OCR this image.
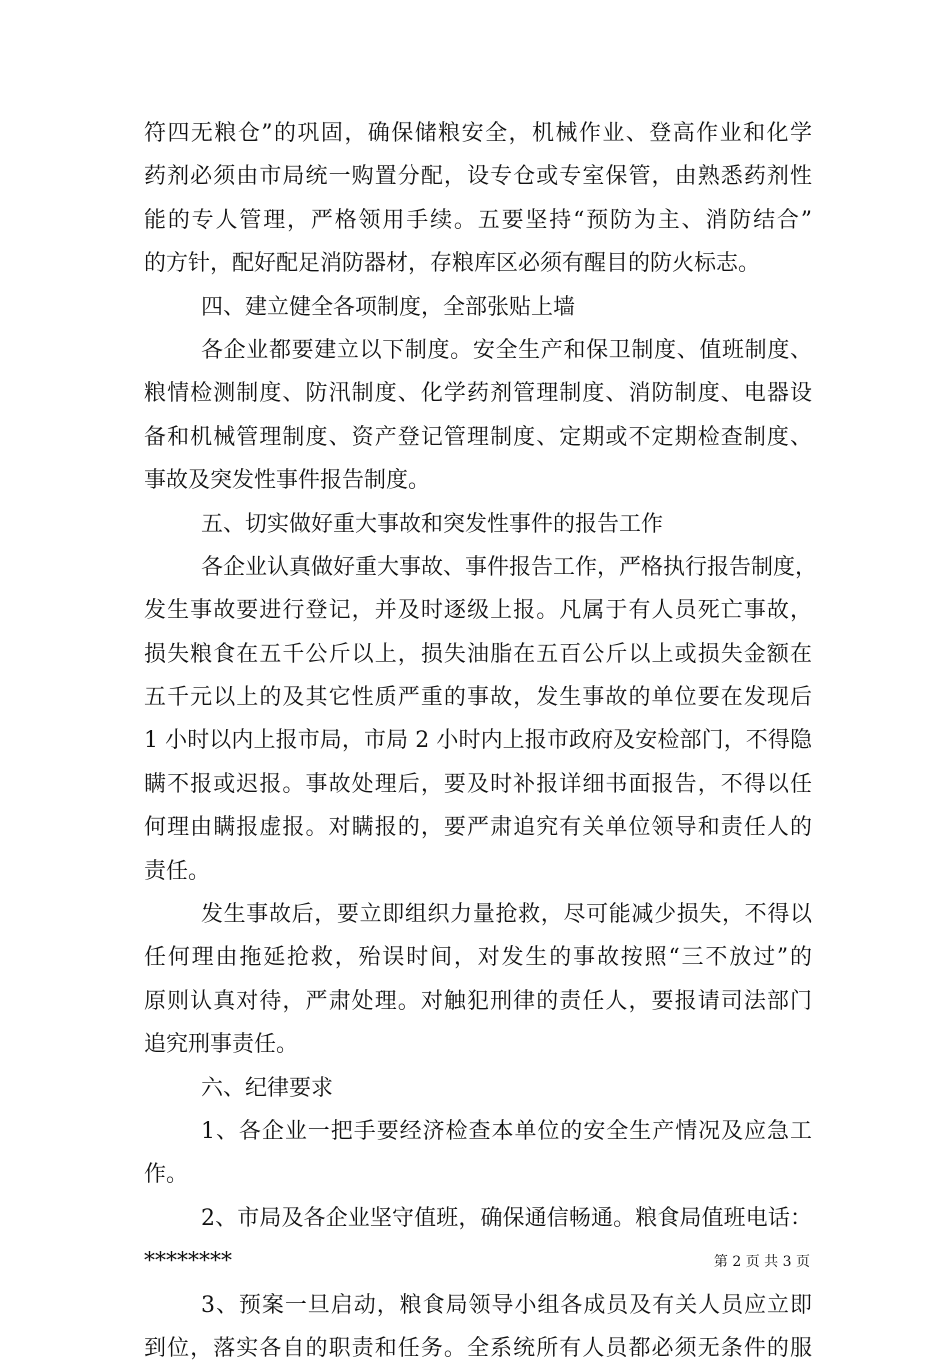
符四无粮仓”的巩固，确保储粮安全，机械作业、登高作业和化学
药剂必须由市局统一购置分配，设专仓或专室保管，由熟悉药剂性
能的专人管理，严格领用手续。五要坚持“预防为主、消防结合”
的方针，配好配足消防器材，存粮库区必须有醒目的防火标志。
四、建立健全各项制度，全部张贴上墙
各企业都要建立以下制度。安全生产和保卫制度、值班制度、
粮情检测制度、防汛制度、化学药剂管理制度、消防制度、电器设
备和机械管理制度、资产登记管理制度、定期或不定期检查制度、
事故及突发性事件报告制度。
五、切实做好重大事故和突发性事件的报告工作
各企业认真做好重大事故、事件报告工作，严格执行报告制度，
发生事故要进行登记，并及时逐级上报。凡属于有人员死亡事故，
损失粮食在五千公斤以上，损失油脂在五百公斤以上或损失金额在
五千元以上的及其它性质严重的事故，发生事故的单位要在发现后
1 小时以内上报市局，市局 2 小时内上报市政府及安检部门，不得隐
瞒不报或迟报。事故处理后，要及时补报详细书面报告，不得以任
何理由瞒报虚报。对瞒报的，要严肃追究有关单位领导和责任人的
责任。
发生事故后，要立即组织力量抢救，尽可能减少损失，不得以
任何理由拖延抢救，殆误时间，对发生的事故按照“三不放过”的
原则认真对待，严肃处理。对触犯刑律的责任人，要报请司法部门
追究刑事责任。
六、纪律要求
1、各企业一把手要经济检查本单位的安全生产情况及应急工
作。
2、市局及各企业坚守值班，确保通信畅通。粮食局值班电话：
********
3、预案一旦启动，粮食局领导小组各成员及有关人员应立即
到位，落实各自的职责和任务。全系统所有人员都必须无条件的服
第 2 页 共 3 页
